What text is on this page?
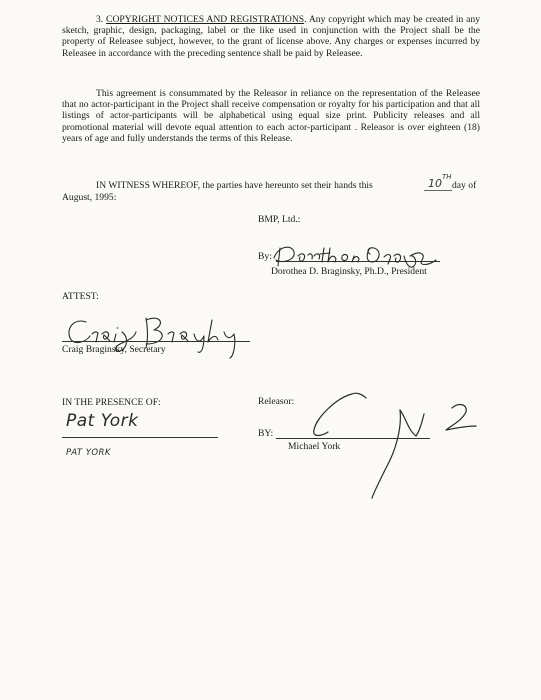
3. COPYRIGHT NOTICES AND REGISTRATIONS. Any copyright which may be created in any sketch, graphic, design, packaging, label or the like used in conjunction with the Project shall be the property of Releasee subject, however, to the grant of license above. Any charges or expenses incurred by Releasee in accordance with the preceding sentence shall be paid by Releasee.

This agreement is consummated by the Releasor in reliance on the representation of the Releasee that no actor-participant in the Project shall receive compensation or royalty for his participation and that all listings of actor-participants will be alphabetical using equal size print. Publicity releases and all promotional material will devote equal attention to each actor-participant . Releasor is over eighteen (18) years of age and fully understands the terms of this Release.

IN WITNESS WHEREOF, the parties have hereunto set their hands this	10 TH
day of

August, 1995:

BMP, Ltd.:

By:

Dorothea D. Braginsky, Ph.D., President

ATTEST:

Craig Braginsky, Secretary

IN THE PRESENCE OF:

Pat York
PAT YORK

Releasor:

BY:

Michael York
